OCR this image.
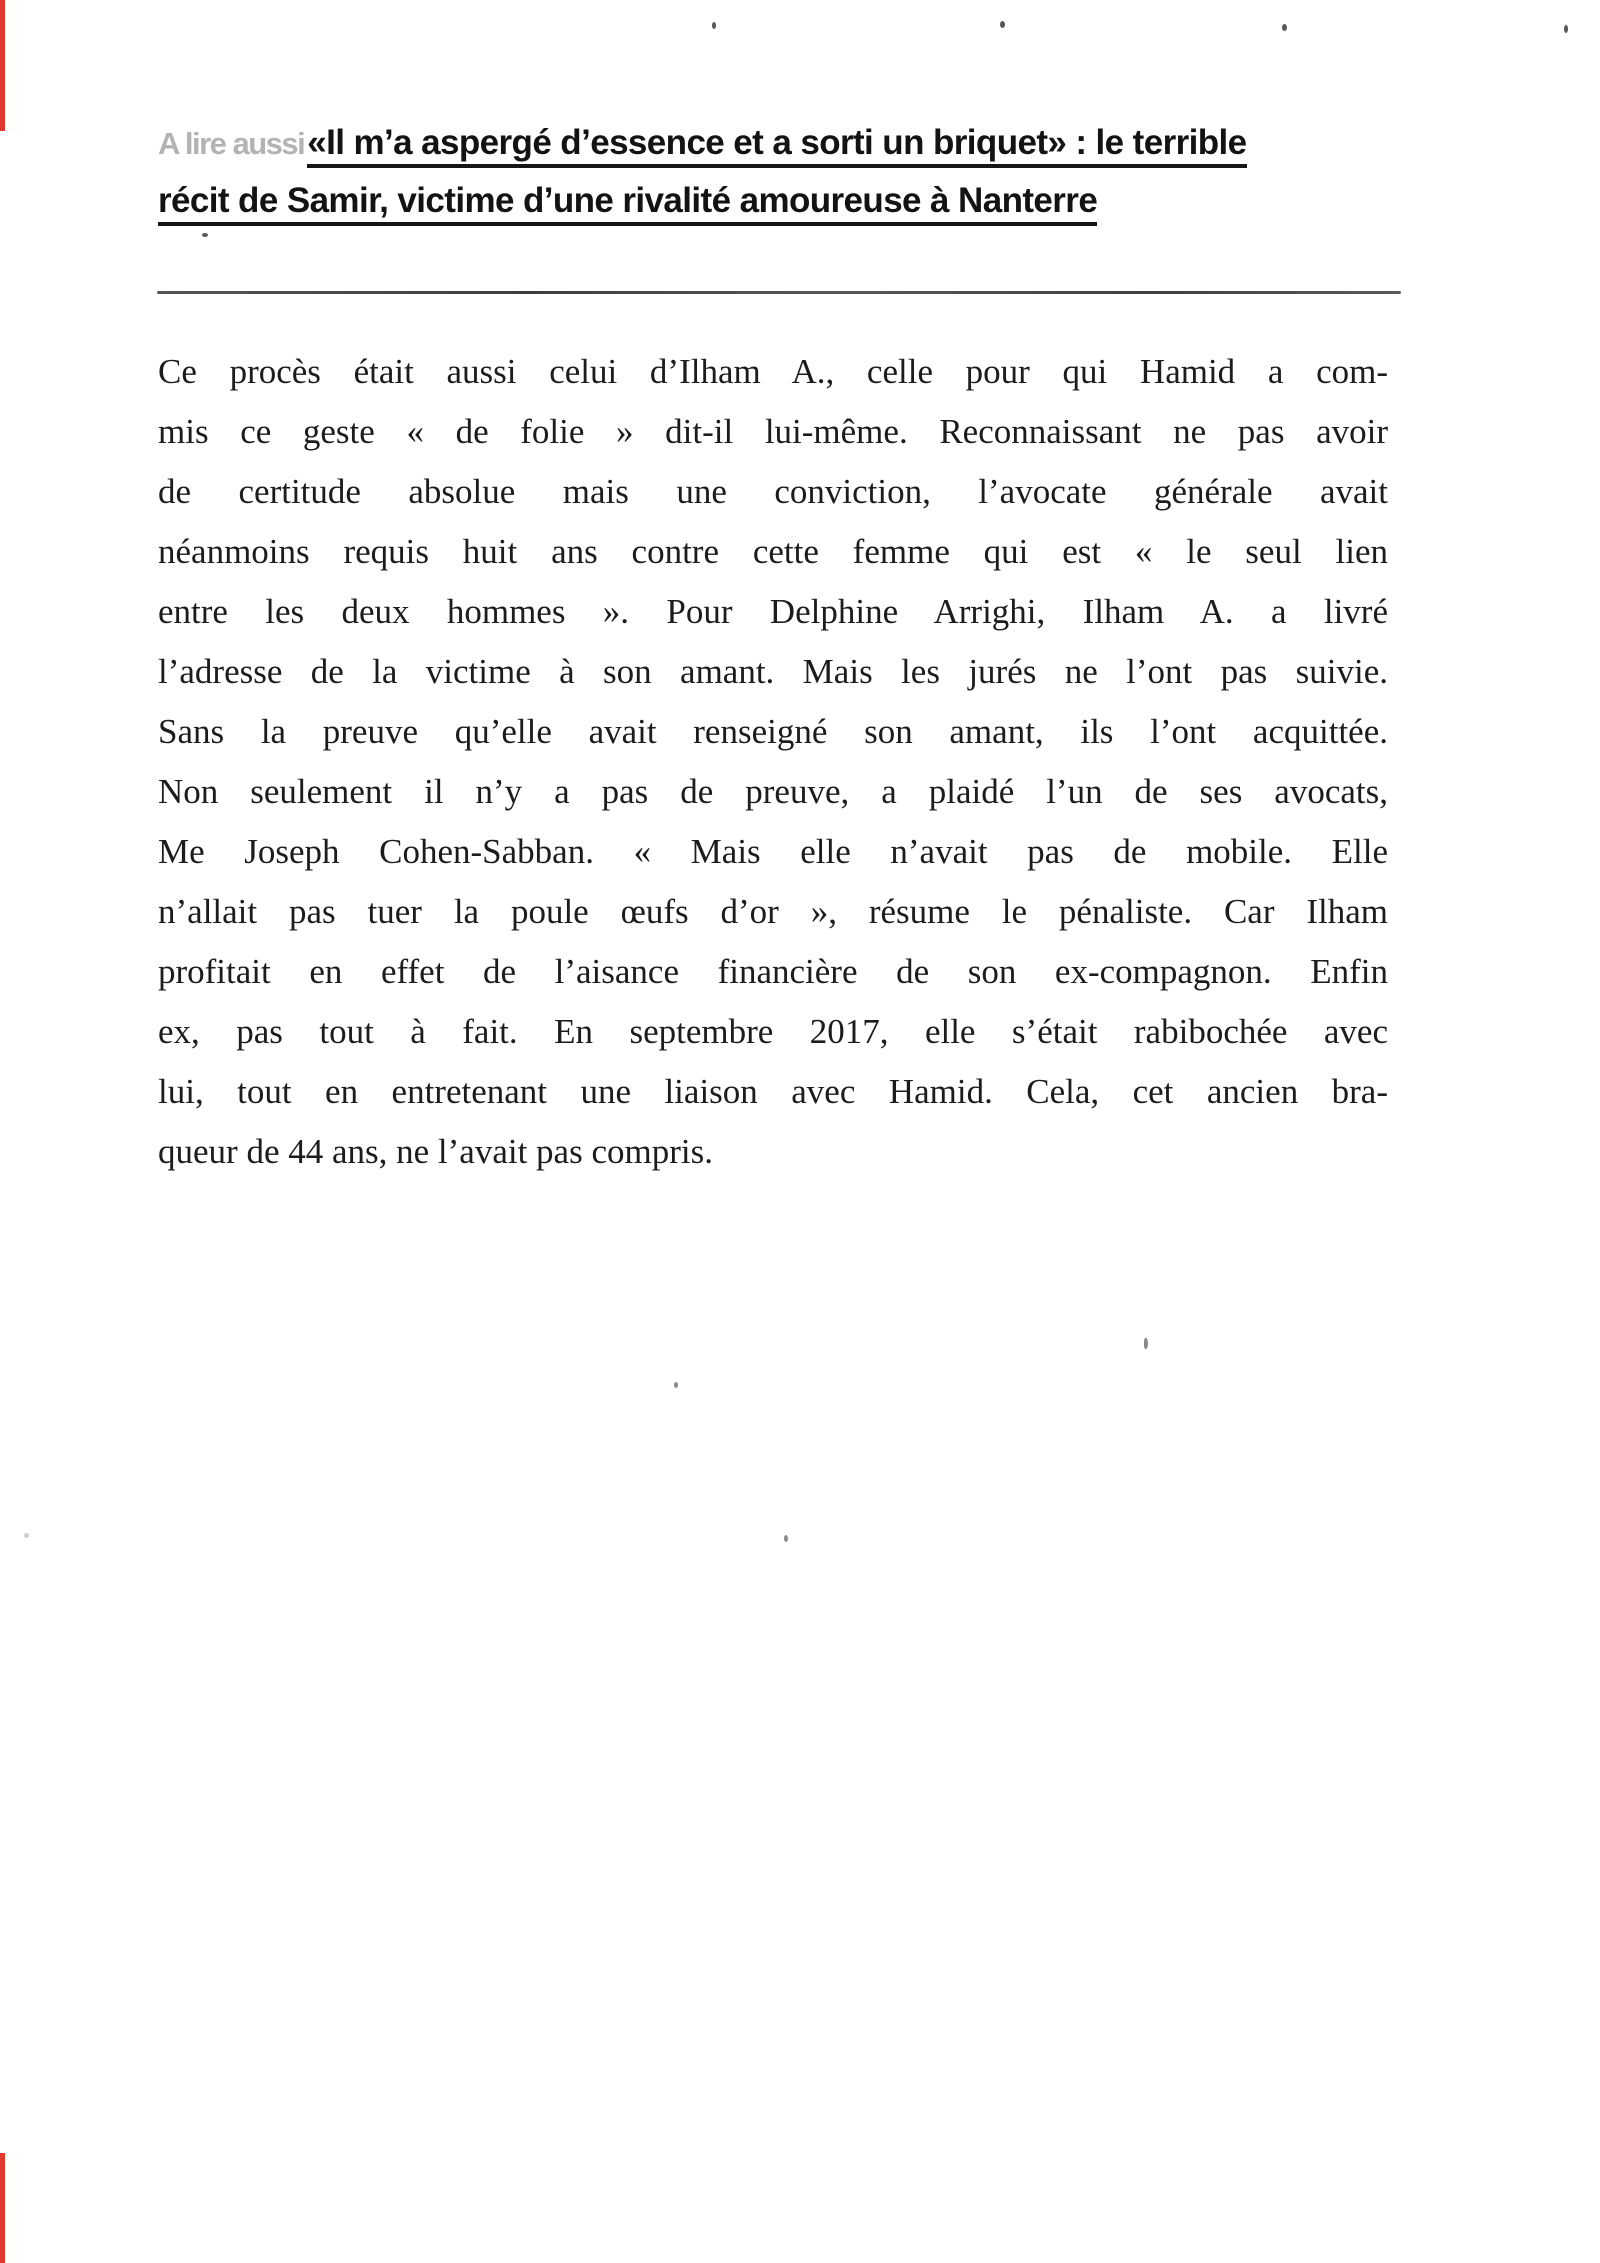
A lire aussi«Il m’a aspergé d’essence et a sorti un briquet» : le terrible
récit de Samir, victime d’une rivalité amoureuse à Nanterre
Ce procès était aussi celui d’Ilham A., celle pour qui Hamid a com-
mis ce geste « de folie » dit-il lui-même. Reconnaissant ne pas avoir
de certitude absolue mais une conviction, l’avocate générale avait
néanmoins requis huit ans contre cette femme qui est « le seul lien
entre les deux hommes ». Pour Delphine Arrighi, Ilham A. a livré
l’adresse de la victime à son amant. Mais les jurés ne l’ont pas suivie.
Sans la preuve qu’elle avait renseigné son amant, ils l’ont acquittée.
Non seulement il n’y a pas de preuve, a plaidé l’un de ses avocats,
Me Joseph Cohen-Sabban. « Mais elle n’avait pas de mobile. Elle
n’allait pas tuer la poule œufs d’or », résume le pénaliste. Car Ilham
profitait en effet de l’aisance financière de son ex-compagnon. Enfin
ex, pas tout à fait. En septembre 2017, elle s’était rabibochée avec
lui, tout en entretenant une liaison avec Hamid. Cela, cet ancien bra-
queur de 44 ans, ne l’avait pas compris.
